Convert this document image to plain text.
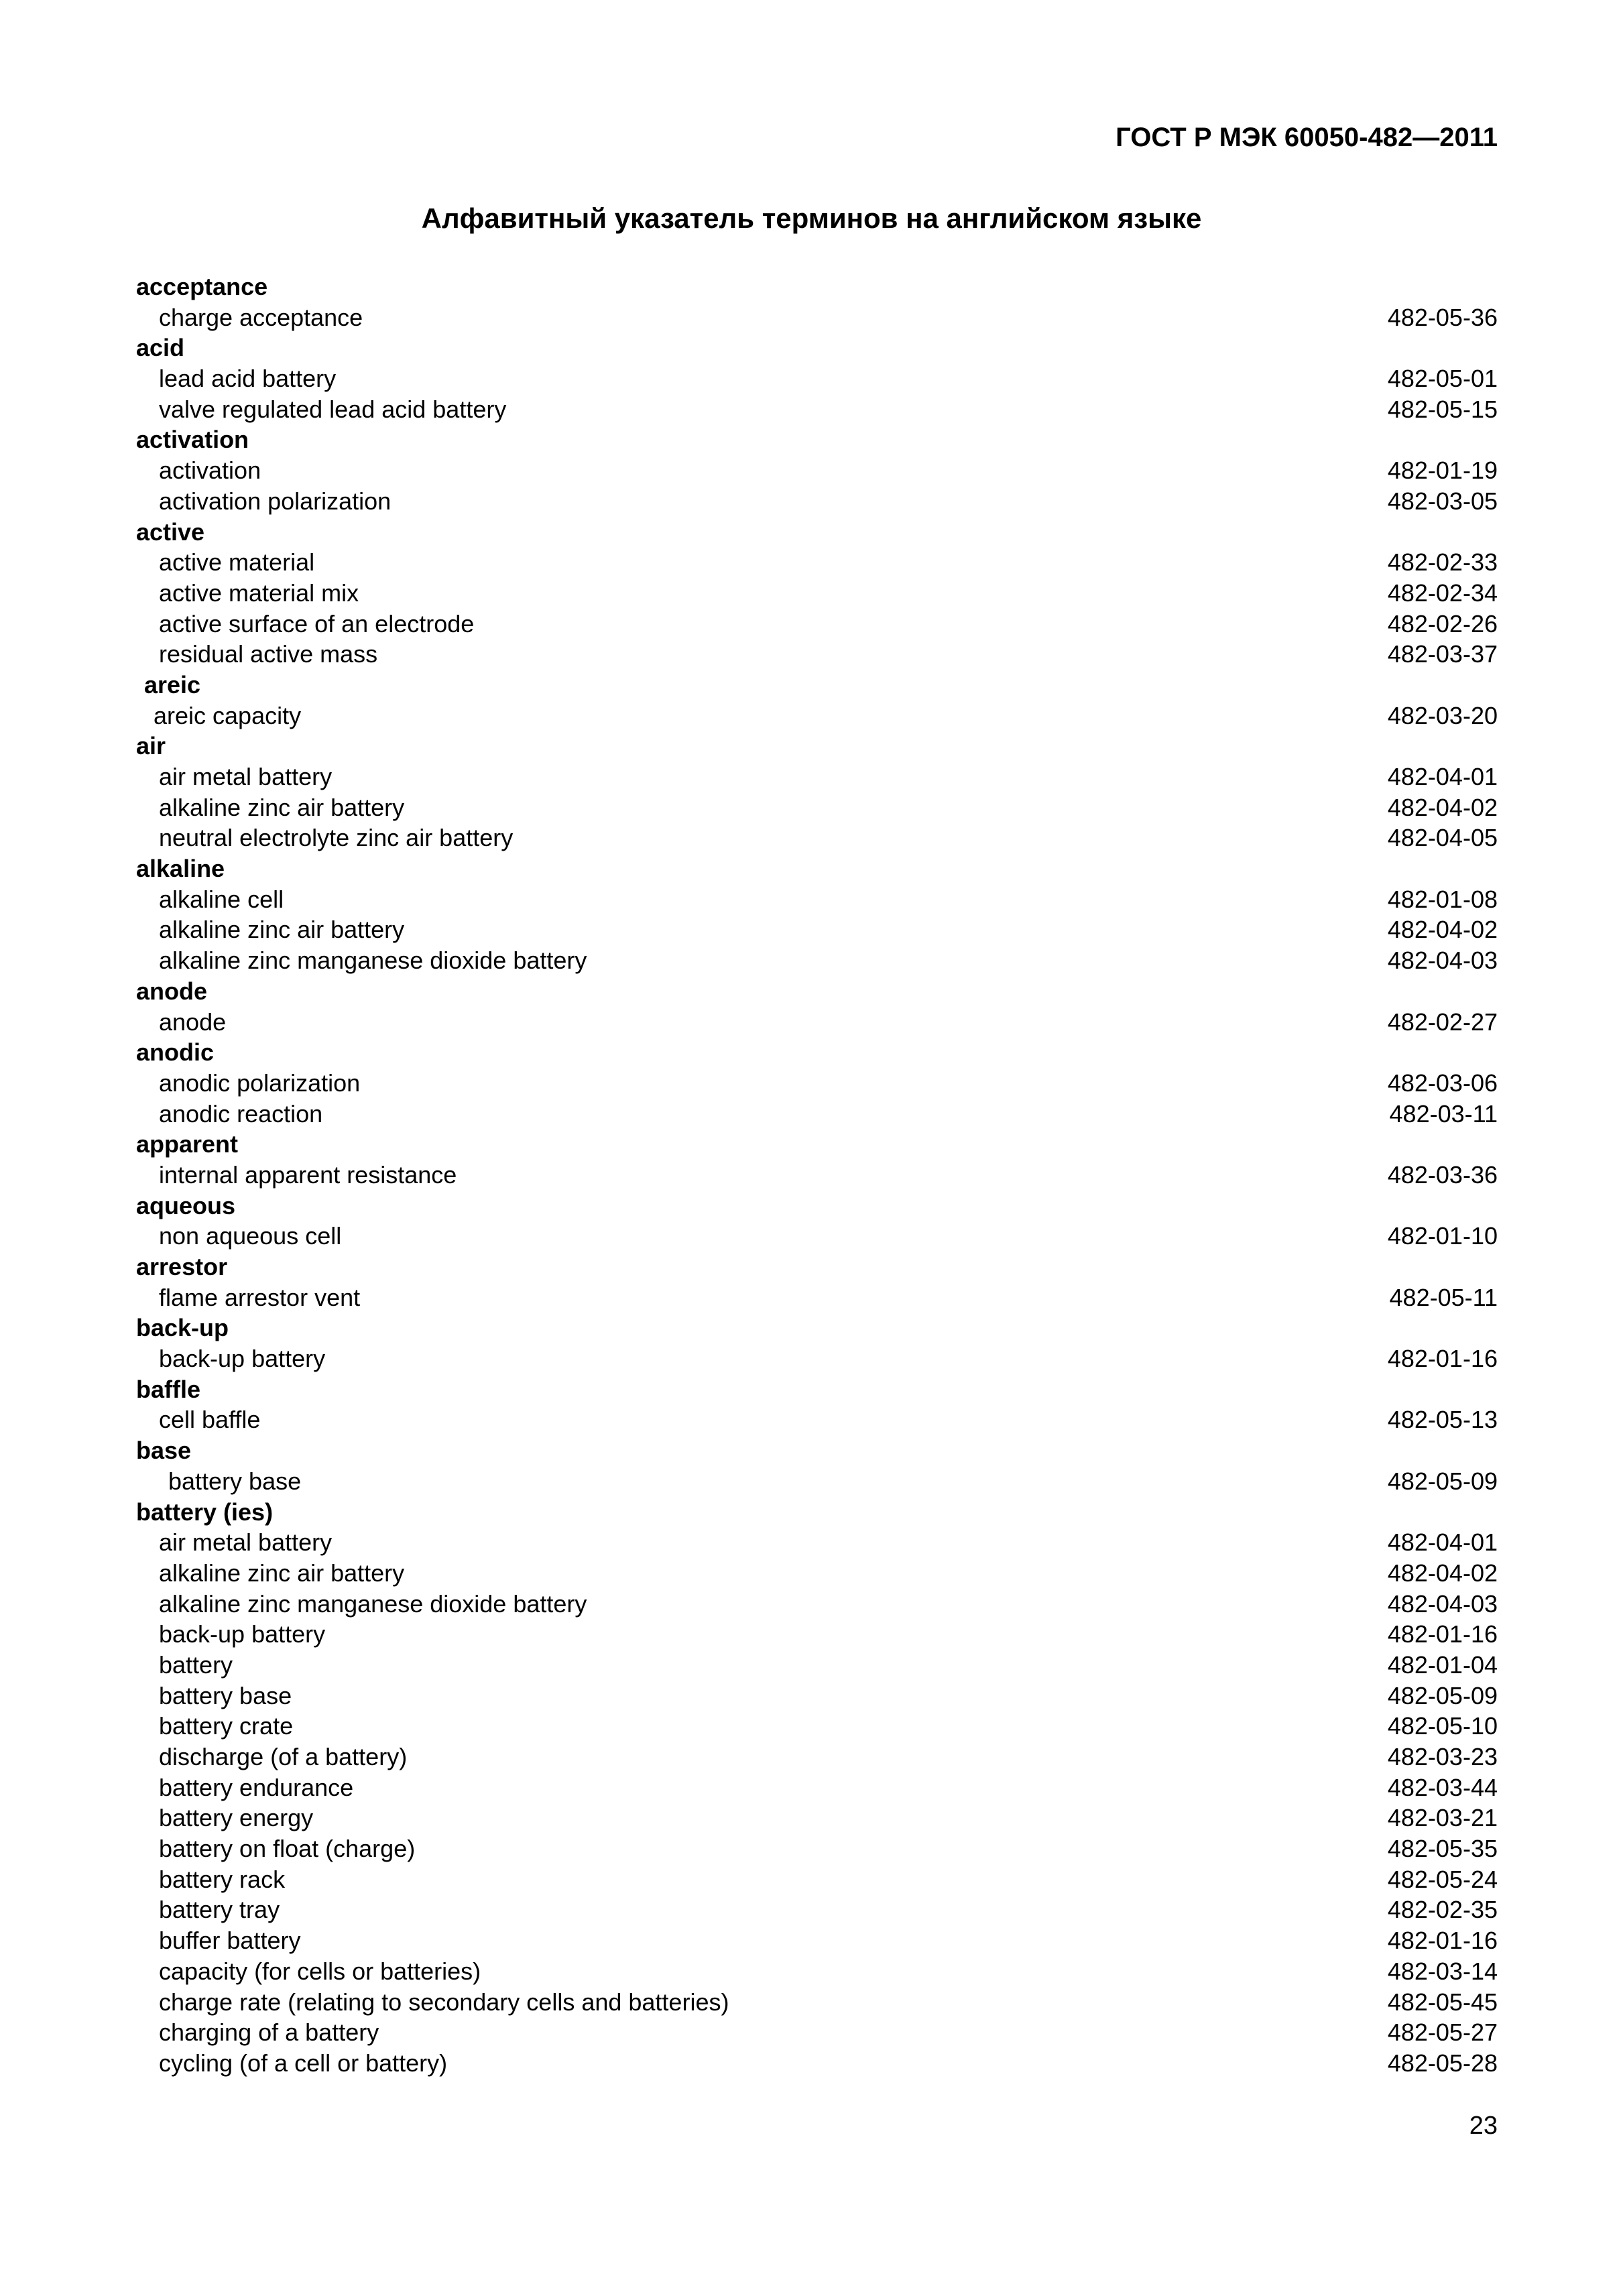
ГОСТ Р МЭК 60050-482—2011
Алфавитный указатель терминов на английском языке
acceptance
charge acceptance	482-05-36
acid
lead acid battery	482-05-01
valve regulated lead acid battery	482-05-15
activation
activation	482-01-19
activation polarization	482-03-05
active
active material	482-02-33
active material mix	482-02-34
active surface of an electrode	482-02-26
residual active mass	482-03-37
areic
areic capacity	482-03-20
air
air metal battery	482-04-01
alkaline zinc air battery	482-04-02
neutral electrolyte zinc air battery	482-04-05
alkaline
alkaline cell	482-01-08
alkaline zinc air battery	482-04-02
alkaline zinc manganese dioxide battery	482-04-03
anode
anode	482-02-27
anodic
anodic polarization	482-03-06
anodic reaction	482-03-11
apparent
internal apparent resistance	482-03-36
aqueous
non aqueous cell	482-01-10
arrestor
flame arrestor vent	482-05-11
back-up
back-up battery	482-01-16
baffle
cell baffle	482-05-13
base
battery base	482-05-09
battery (ies)
air metal battery	482-04-01
alkaline zinc air battery	482-04-02
alkaline zinc manganese dioxide battery	482-04-03
back-up battery	482-01-16
battery	482-01-04
battery base	482-05-09
battery crate	482-05-10
discharge (of a battery)	482-03-23
battery endurance	482-03-44
battery energy	482-03-21
battery on float (charge)	482-05-35
battery rack	482-05-24
battery tray	482-02-35
buffer battery	482-01-16
capacity (for cells or batteries)	482-03-14
charge rate (relating to secondary cells and batteries)	482-05-45
charging of a battery	482-05-27
cycling (of a cell or battery)	482-05-28
23
